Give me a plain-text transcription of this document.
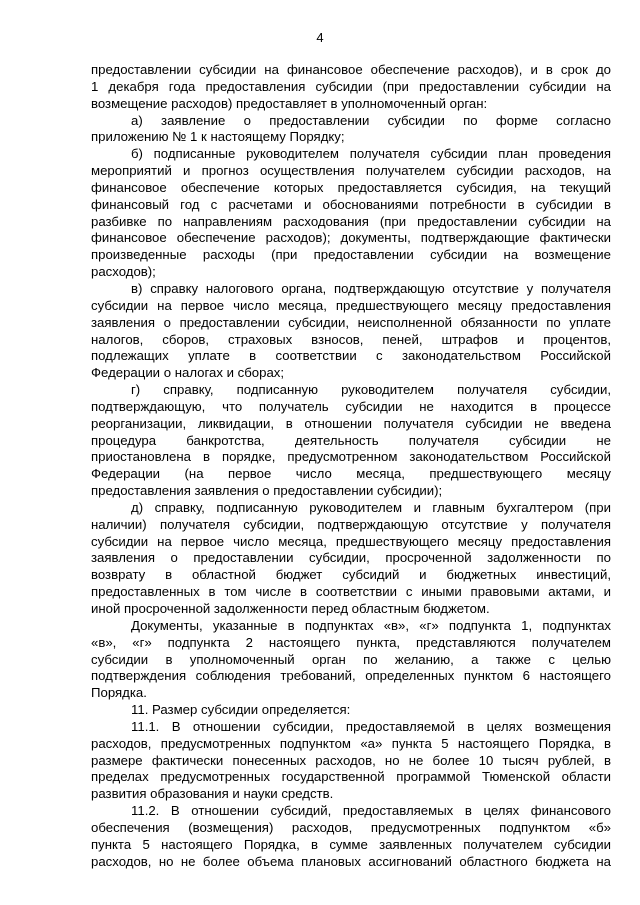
4
предоставлении субсидии на финансовое обеспечение расходов), и в срок до
1 декабря года предоставления субсидии (при предоставлении субсидии на
возмещение расходов) предоставляет в уполномоченный орган:
а) заявление о предоставлении субсидии по форме согласно
приложению № 1 к настоящему Порядку;
б) подписанные руководителем получателя субсидии план проведения
мероприятий и прогноз осуществления получателем субсидии расходов, на
финансовое обеспечение которых предоставляется субсидия, на текущий
финансовый год с расчетами и обоснованиями потребности в субсидии в
разбивке по направлениям расходования (при предоставлении субсидии на
финансовое обеспечение расходов); документы, подтверждающие фактически
произведенные расходы (при предоставлении субсидии на возмещение
расходов);
в) справку налогового органа, подтверждающую отсутствие у получателя
субсидии на первое число месяца, предшествующего месяцу предоставления
заявления о предоставлении субсидии, неисполненной обязанности по уплате
налогов, сборов, страховых взносов, пеней, штрафов и процентов,
подлежащих уплате в соответствии с законодательством Российской
Федерации о налогах и сборах;
г) справку, подписанную руководителем получателя субсидии,
подтверждающую, что получатель субсидии не находится в процессе
реорганизации, ликвидации, в отношении получателя субсидии не введена
процедура банкротства, деятельность получателя субсидии не
приостановлена в порядке, предусмотренном законодательством Российской
Федерации (на первое число месяца, предшествующего месяцу
предоставления заявления о предоставлении субсидии);
д) справку, подписанную руководителем и главным бухгалтером (при
наличии) получателя субсидии, подтверждающую отсутствие у получателя
субсидии на первое число месяца, предшествующего месяцу предоставления
заявления о предоставлении субсидии, просроченной задолженности по
возврату в областной бюджет субсидий и бюджетных инвестиций,
предоставленных в том числе в соответствии с иными правовыми актами, и
иной просроченной задолженности перед областным бюджетом.
Документы, указанные в подпунктах «в», «г» подпункта 1, подпунктах
«в», «г» подпункта 2 настоящего пункта, представляются получателем
субсидии в уполномоченный орган по желанию, а также с целью
подтверждения соблюдения требований, определенных пунктом 6 настоящего
Порядка.
11. Размер субсидии определяется:
11.1. В отношении субсидии, предоставляемой в целях возмещения
расходов, предусмотренных подпунктом «а» пункта 5 настоящего Порядка, в
размере фактически понесенных расходов, но не более 10 тысяч рублей, в
пределах предусмотренных государственной программой Тюменской области
развития образования и науки средств.
11.2. В отношении субсидий, предоставляемых в целях финансового
обеспечения (возмещения) расходов, предусмотренных подпунктом «б»
пункта 5 настоящего Порядка, в сумме заявленных получателем субсидии
расходов, но не более объема плановых ассигнований областного бюджета на
